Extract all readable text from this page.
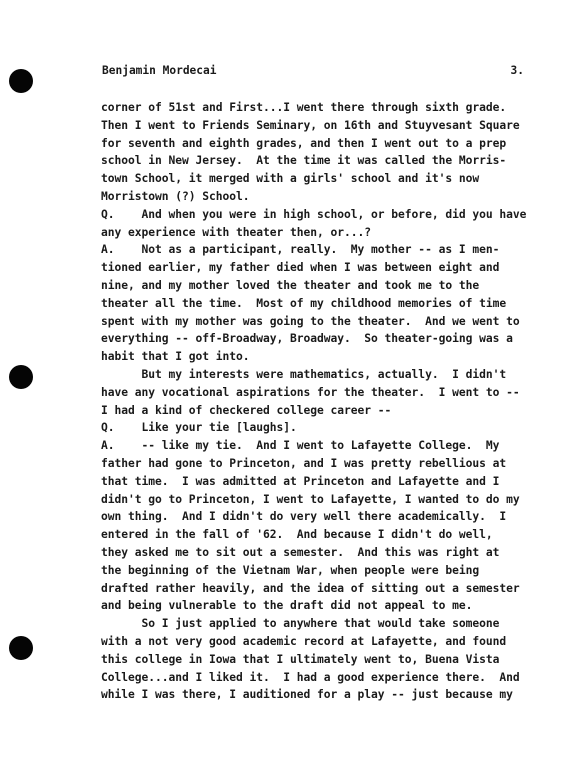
Benjamin Mordecai

	3.

corner of 51st and First...I went there through sixth grade.
Then I went to Friends Seminary, on 16th and Stuyvesant Square
for seventh and eighth grades, and then I went out to a prep
school in New Jersey.  At the time it was called the Morris-
town School, it merged with a girls' school and it's now
Morristown (?) School.
Q.    And when you were in high school, or before, did you have
any experience with theater then, or...?
A.    Not as a participant, really.  My mother -- as I men-
tioned earlier, my father died when I was between eight and
nine, and my mother loved the theater and took me to the
theater all the time.  Most of my childhood memories of time
spent with my mother was going to the theater.  And we went to
everything -- off-Broadway, Broadway.  So theater-going was a
habit that I got into.
But my interests were mathematics, actually.  I didn't
have any vocational aspirations for the theater.  I went to --
I had a kind of checkered college career --
Q.    Like your tie [laughs].
A.    -- like my tie.  And I went to Lafayette College.  My
father had gone to Princeton, and I was pretty rebellious at
that time.  I was admitted at Princeton and Lafayette and I
didn't go to Princeton, I went to Lafayette, I wanted to do my
own thing.  And I didn't do very well there academically.  I
entered in the fall of '62.  And because I didn't do well,
they asked me to sit out a semester.  And this was right at
the beginning of the Vietnam War, when people were being
drafted rather heavily, and the idea of sitting out a semester
and being vulnerable to the draft did not appeal to me.
So I just applied to anywhere that would take someone
with a not very good academic record at Lafayette, and found
this college in Iowa that I ultimately went to, Buena Vista
College...and I liked it.  I had a good experience there.  And
while I was there, I auditioned for a play -- just because my
